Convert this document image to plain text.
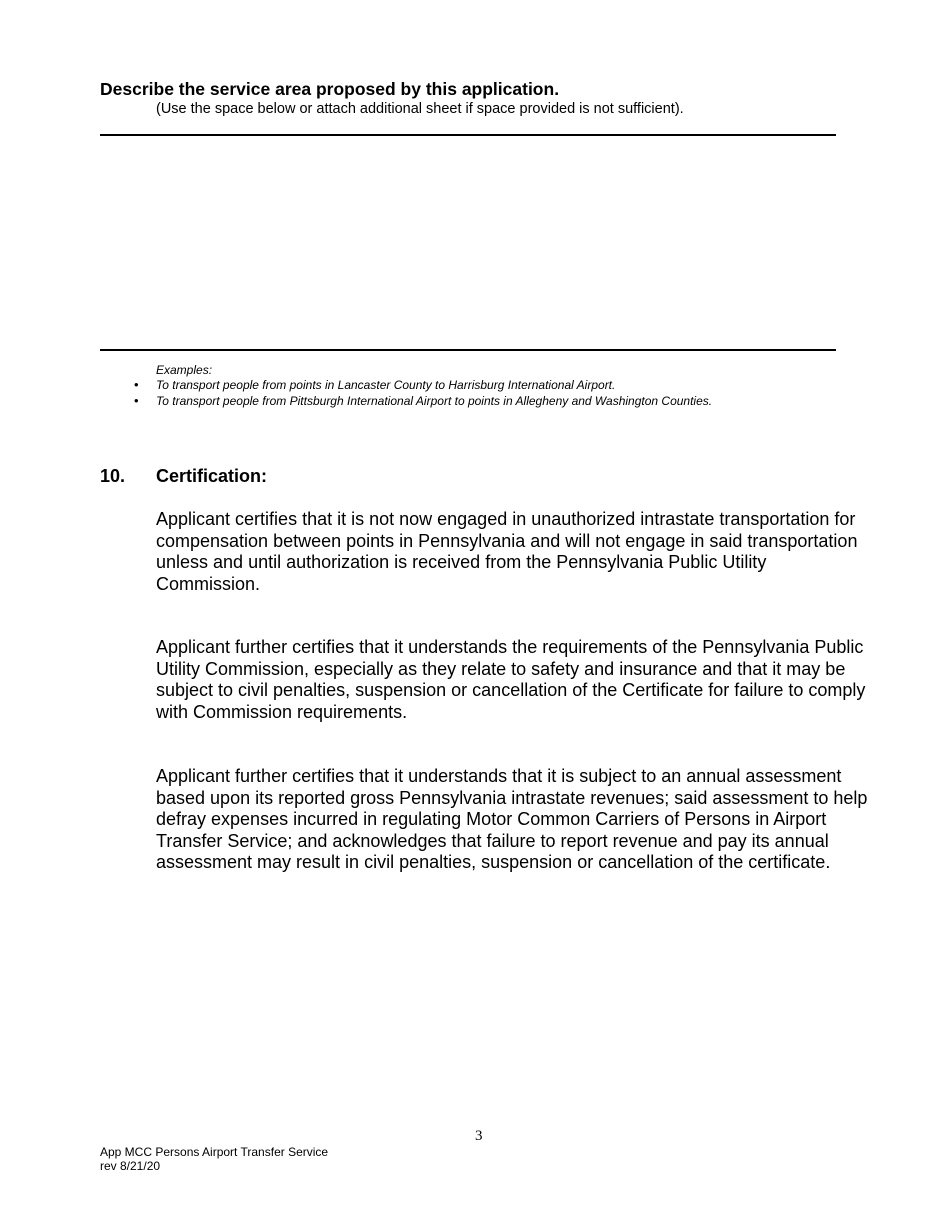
Describe the service area proposed by this application.
(Use the space below or attach additional sheet if space provided is not sufficient).
Examples:
• To transport people from points in Lancaster County to Harrisburg International Airport.
• To transport people from Pittsburgh International Airport to points in Allegheny and Washington Counties.
10. Certification:
Applicant certifies that it is not now engaged in unauthorized intrastate transportation for compensation between points in Pennsylvania and will not engage in said transportation unless and until authorization is received from the Pennsylvania Public Utility Commission.
Applicant further certifies that it understands the requirements of the Pennsylvania Public Utility Commission, especially as they relate to safety and insurance and that it may be subject to civil penalties, suspension or cancellation of the Certificate for failure to comply with Commission requirements.
Applicant further certifies that it understands that it is subject to an annual assessment based upon its reported gross Pennsylvania intrastate revenues; said assessment to help defray expenses incurred in regulating Motor Common Carriers of Persons in Airport Transfer Service; and acknowledges that failure to report revenue and pay its annual assessment may result in civil penalties, suspension or cancellation of the certificate.
3
App MCC Persons Airport Transfer Service
rev 8/21/20
